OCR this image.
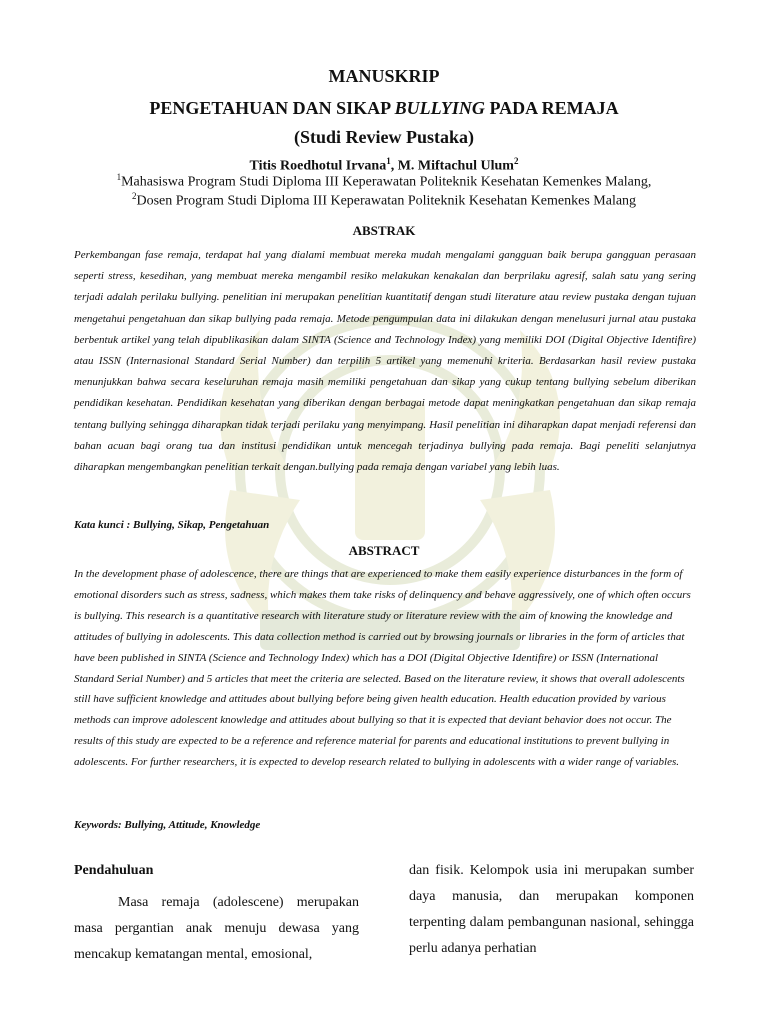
MANUSKRIP
PENGETAHUAN DAN SIKAP BULLYING PADA REMAJA
(Studi Review Pustaka)
Titis Roedhotul Irvana$^1$, M. Miftachul Ulum$^2$
$^1$Mahasiswa Program Studi Diploma III Keperawatan Politeknik Kesehatan Kemenkes Malang,
$^2$Dosen Program Studi Diploma III Keperawatan Politeknik Kesehatan Kemenkes Malang
ABSTRAK
Perkembangan fase remaja, terdapat hal yang dialami membuat mereka mudah mengalami gangguan baik berupa gangguan perasaan seperti stress, kesedihan, yang membuat mereka mengambil resiko melakukan kenakalan dan berprilaku agresif, salah satu yang sering terjadi adalah perilaku bullying. penelitian ini merupakan penelitian kuantitatif dengan studi literature atau review pustaka dengan tujuan mengetahui pengetahuan dan sikap bullying pada remaja. Metode pengumpulan data ini dilakukan dengan menelusuri jurnal atau pustaka berbentuk artikel yang telah dipublikasikan dalam SINTA (Science and Technology Index) yang memiliki DOI (Digital Objective Identifire) atau ISSN (Internasional Standard Serial Number) dan terpilih 5 artikel yang memenuhi kriteria. Berdasarkan hasil review pustaka menunjukkan bahwa secara keseluruhan remaja masih memiliki pengetahuan dan sikap yang cukup tentang bullying sebelum diberikan pendidikan kesehatan. Pendidikan kesehatan yang diberikan dengan berbagai metode dapat meningkatkan pengetahuan dan sikap remaja tentang bullying sehingga diharapkan tidak terjadi perilaku yang menyimpang. Hasil penelitian ini diharapkan dapat menjadi referensi dan bahan acuan bagi orang tua dan institusi pendidikan untuk mencegah terjadinya bullying pada remaja. Bagi peneliti selanjutnya diharapkan mengembangkan penelitian terkait dengan.bullying pada remaja dengan variabel yang lebih luas.
Kata kunci : Bullying, Sikap, Pengetahuan
ABSTRACT
In the development phase of adolescence, there are things that are experienced to make them easily experience disturbances in the form of emotional disorders such as stress, sadness, which makes them take risks of delinquency and behave aggressively, one of which often occurs is bullying. This research is a quantitative research with literature study or literature review with the aim of knowing the knowledge and attitudes of bullying in adolescents. This data collection method is carried out by browsing journals or libraries in the form of articles that have been published in SINTA (Science and Technology Index) which has a DOI (Digital Objective Identifire) or ISSN (International Standard Serial Number) and 5 articles that meet the criteria are selected. Based on the literature review, it shows that overall adolescents still have sufficient knowledge and attitudes about bullying before being given health education. Health education provided by various methods can improve adolescent knowledge and attitudes about bullying so that it is expected that deviant behavior does not occur. The results of this study are expected to be a reference and reference material for parents and educational institutions to prevent bullying in adolescents. For further researchers, it is expected to develop research related to bullying in adolescents with a wider range of variables.
Keywords: Bullying, Attitude, Knowledge
Pendahuluan
Masa remaja (adolescene) merupakan masa pergantian anak menuju dewasa yang mencakup kematangan mental, emosional,
dan fisik. Kelompok usia ini merupakan sumber daya manusia, dan merupakan komponen terpenting dalam pembangunan nasional, sehingga perlu adanya perhatian
